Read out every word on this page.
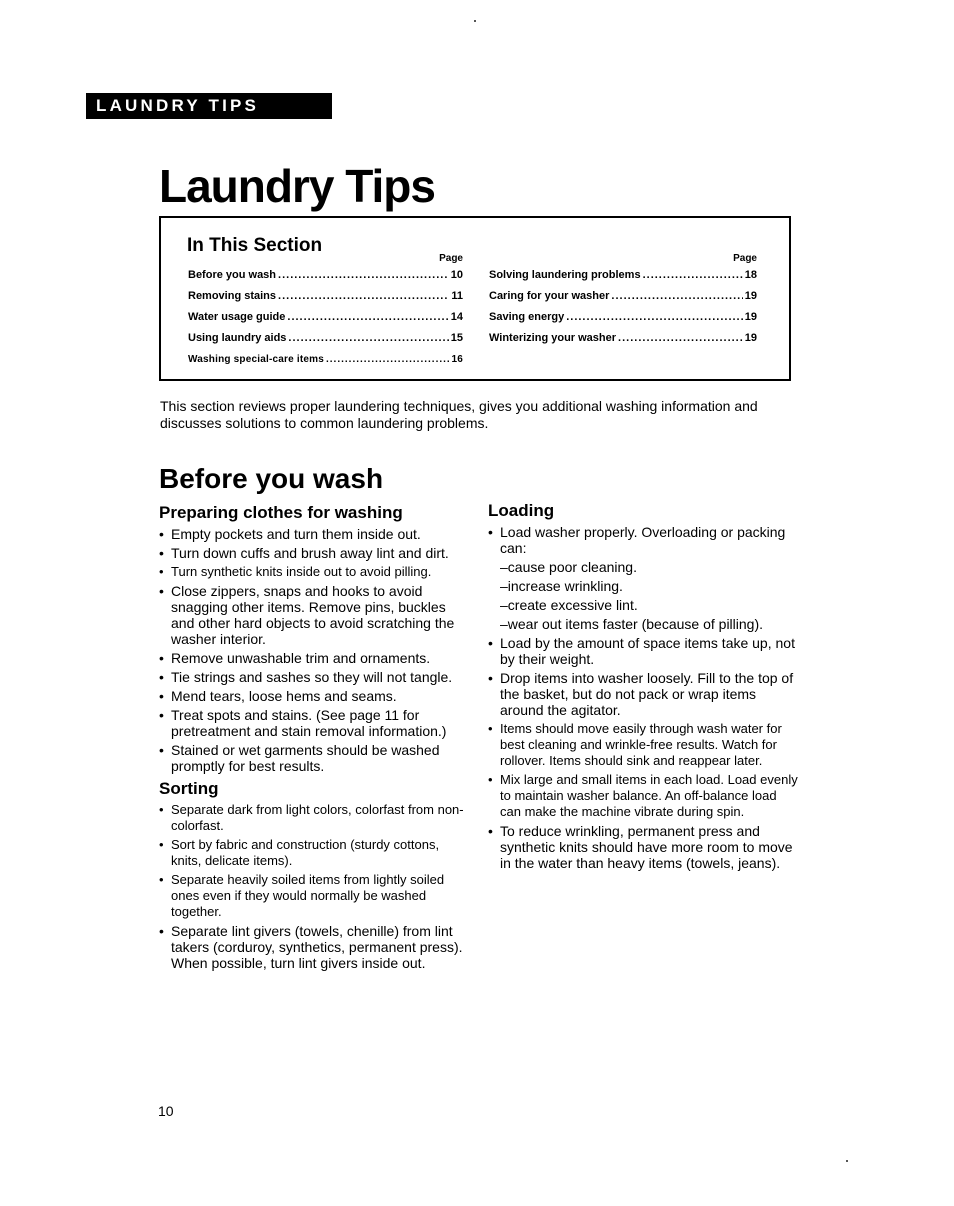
LAUNDRY TIPS
Laundry Tips
In This Section
Page
Before you wash .....	10
Removing stains .....	11
Water usage guide .....	14
Using laundry aids .....	15
Washing special-care items .....	16
Page
Solving laundering problems .....	18
Caring for your washer .....	19
Saving energy .....	19
Winterizing your washer .....	19

This section reviews proper laundering techniques, gives you additional washing information and discusses solutions to common laundering problems.

Before you wash
Preparing clothes for washing
• Empty pockets and turn them inside out.
• Turn down cuffs and brush away lint and dirt.
• Turn synthetic knits inside out to avoid pilling.
• Close zippers, snaps and hooks to avoid snagging other items. Remove pins, buckles and other hard objects to avoid scratching the washer interior.
• Remove unwashable trim and ornaments.
• Tie strings and sashes so they will not tangle.
• Mend tears, loose hems and seams.
• Treat spots and stains. (See page 11 for pretreatment and stain removal information.)
• Stained or wet garments should be washed promptly for best results.
Sorting
• Separate dark from light colors, colorfast from non-colorfast.
• Sort by fabric and construction (sturdy cottons, knits, delicate items).
• Separate heavily soiled items from lightly soiled ones even if they would normally be washed together.
• Separate lint givers (towels, chenille) from lint takers (corduroy, synthetics, permanent press). When possible, turn lint givers inside out.
Loading
• Load washer properly. Overloading or packing can:
–cause poor cleaning.
–increase wrinkling.
–create excessive lint.
–wear out items faster (because of pilling).
• Load by the amount of space items take up, not by their weight.
• Drop items into washer loosely. Fill to the top of the basket, but do not pack or wrap items around the agitator.
• Items should move easily through wash water for best cleaning and wrinkle-free results. Watch for rollover. Items should sink and reappear later.
• Mix large and small items in each load. Load evenly to maintain washer balance. An off-balance load can make the machine vibrate during spin.
• To reduce wrinkling, permanent press and synthetic knits should have more room to move in the water than heavy items (towels, jeans).
10
